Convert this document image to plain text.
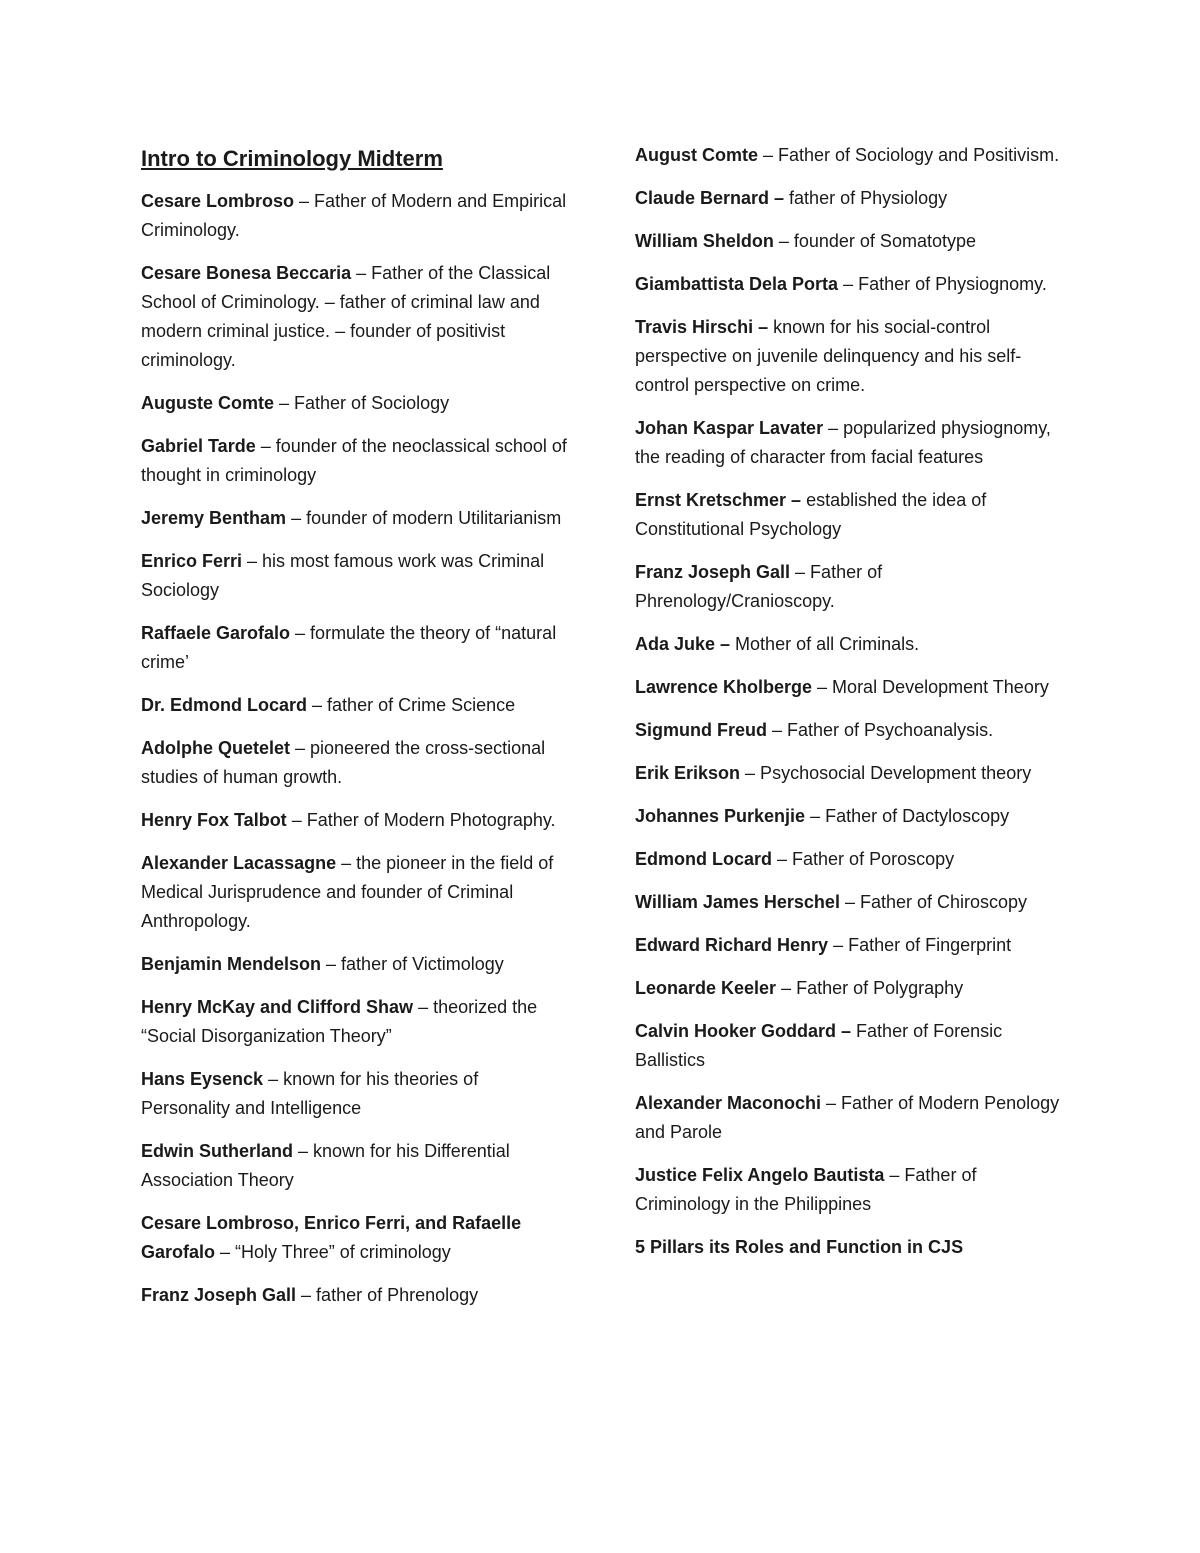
Intro to Criminology Midterm
Cesare Lombroso – Father of Modern and Empirical Criminology.
Cesare Bonesa Beccaria – Father of the Classical School of Criminology. – father of criminal law and modern criminal justice. – founder of positivist criminology.
Auguste Comte – Father of Sociology
Gabriel Tarde – founder of the neoclassical school of thought in criminology
Jeremy Bentham – founder of modern Utilitarianism
Enrico Ferri – his most famous work was Criminal Sociology
Raffaele Garofalo – formulate the theory of “natural crime’
Dr. Edmond Locard – father of Crime Science
Adolphe Quetelet – pioneered the cross-sectional studies of human growth.
Henry Fox Talbot – Father of Modern Photography.
Alexander Lacassagne – the pioneer in the field of Medical Jurisprudence and founder of Criminal Anthropology.
Benjamin Mendelson – father of Victimology
Henry McKay and Clifford Shaw – theorized the “Social Disorganization Theory”
Hans Eysenck – known for his theories of Personality and Intelligence
Edwin Sutherland – known for his Differential Association Theory
Cesare Lombroso, Enrico Ferri, and Rafaelle Garofalo – “Holy Three” of criminology
Franz Joseph Gall – father of Phrenology
August Comte – Father of Sociology and Positivism.
Claude Bernard – father of Physiology
William Sheldon – founder of Somatotype
Giambattista Dela Porta – Father of Physiognomy.
Travis Hirschi – known for his social-control perspective on juvenile delinquency and his self-control perspective on crime.
Johan Kaspar Lavater – popularized physiognomy, the reading of character from facial features
Ernst Kretschmer – established the idea of Constitutional Psychology
Franz Joseph Gall – Father of Phrenology/Cranioscopy.
Ada Juke – Mother of all Criminals.
Lawrence Kholberge – Moral Development Theory
Sigmund Freud – Father of Psychoanalysis.
Erik Erikson – Psychosocial Development theory
Johannes Purkenjie – Father of Dactyloscopy
Edmond Locard – Father of Poroscopy
William James Herschel – Father of Chiroscopy
Edward Richard Henry – Father of Fingerprint
Leonarde Keeler – Father of Polygraphy
Calvin Hooker Goddard – Father of Forensic Ballistics
Alexander Maconochi – Father of Modern Penology and Parole
Justice Felix Angelo Bautista – Father of Criminology in the Philippines
5 Pillars its Roles and Function in CJS
